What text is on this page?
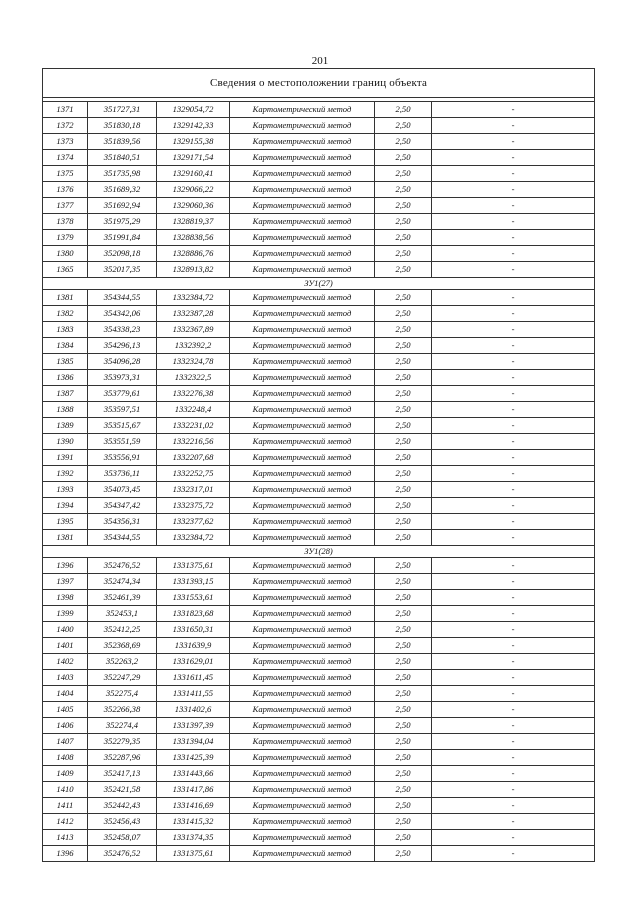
201
Сведения о местоположении границ объекта					

1371	351727,31	1329054,72	Картометрический метод	2,50	-
1372	351830,18	1329142,33	Картометрический метод	2,50	-
1373	351839,56	1329155,38	Картометрический метод	2,50	-
1374	351840,51	1329171,54	Картометрический метод	2,50	-
1375	351735,98	1329160,41	Картометрический метод	2,50	-
1376	351689,32	1329066,22	Картометрический метод	2,50	-
1377	351692,94	1329060,36	Картометрический метод	2,50	-
1378	351975,29	1328819,37	Картометрический метод	2,50	-
1379	351991,84	1328838,56	Картометрический метод	2,50	-
1380	352098,18	1328886,76	Картометрический метод	2,50	-
1365	352017,35	1328913,82	Картометрический метод	2,50	-
ЗУ1(27)					
1381	354344,55	1332384,72	Картометрический метод	2,50	-
1382	354342,06	1332387,28	Картометрический метод	2,50	-
1383	354338,23	1332367,89	Картометрический метод	2,50	-
1384	354296,13	1332392,2	Картометрический метод	2,50	-
1385	354096,28	1332324,78	Картометрический метод	2,50	-
1386	353973,31	1332322,5	Картометрический метод	2,50	-
1387	353779,61	1332276,38	Картометрический метод	2,50	-
1388	353597,51	1332248,4	Картометрический метод	2,50	-
1389	353515,67	1332231,02	Картометрический метод	2,50	-
1390	353551,59	1332216,56	Картометрический метод	2,50	-
1391	353556,91	1332207,68	Картометрический метод	2,50	-
1392	353736,11	1332252,75	Картометрический метод	2,50	-
1393	354073,45	1332317,01	Картометрический метод	2,50	-
1394	354347,42	1332375,72	Картометрический метод	2,50	-
1395	354356,31	1332377,62	Картометрический метод	2,50	-
1381	354344,55	1332384,72	Картометрический метод	2,50	-
ЗУ1(28)					
1396	352476,52	1331375,61	Картометрический метод	2,50	-
1397	352474,34	1331393,15	Картометрический метод	2,50	-
1398	352461,39	1331553,61	Картометрический метод	2,50	-
1399	352453,1	1331823,68	Картометрический метод	2,50	-
1400	352412,25	1331650,31	Картометрический метод	2,50	-
1401	352368,69	1331639,9	Картометрический метод	2,50	-
1402	352263,2	1331629,01	Картометрический метод	2,50	-
1403	352247,29	1331611,45	Картометрический метод	2,50	-
1404	352275,4	1331411,55	Картометрический метод	2,50	-
1405	352266,38	1331402,6	Картометрический метод	2,50	-
1406	352274,4	1331397,39	Картометрический метод	2,50	-
1407	352279,35	1331394,04	Картометрический метод	2,50	-
1408	352287,96	1331425,39	Картометрический метод	2,50	-
1409	352417,13	1331443,66	Картометрический метод	2,50	-
1410	352421,58	1331417,86	Картометрический метод	2,50	-
1411	352442,43	1331416,69	Картометрический метод	2,50	-
1412	352456,43	1331415,32	Картометрический метод	2,50	-
1413	352458,07	1331374,35	Картометрический метод	2,50	-
1396	352476,52	1331375,61	Картометрический метод	2,50	-
